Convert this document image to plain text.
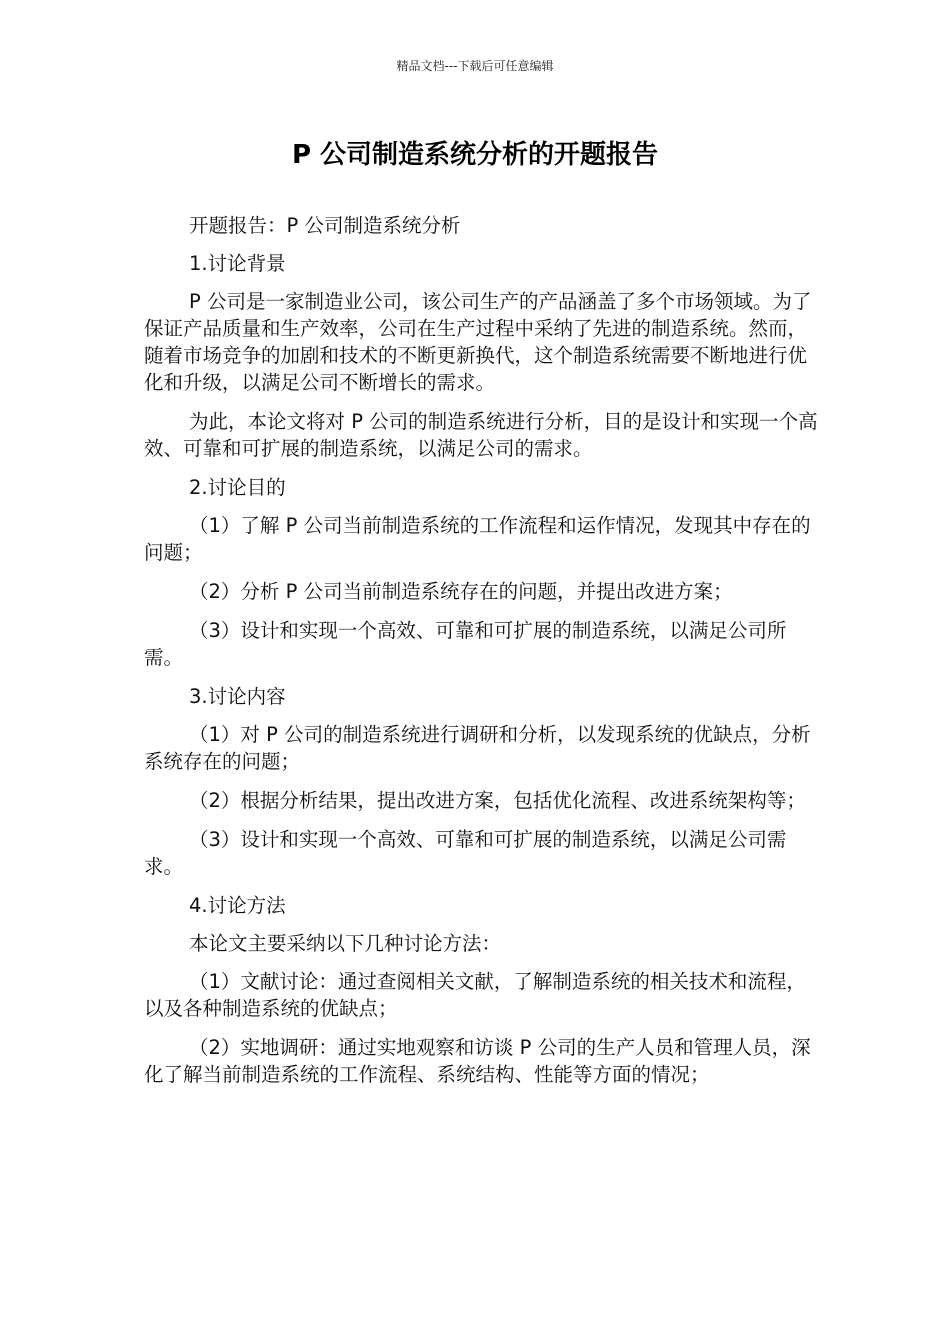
精品文档---下载后可任意编辑
P 公司制造系统分析的开题报告

开题报告：P 公司制造系统分析

1.讨论背景

P 公司是一家制造业公司，该公司生产的产品涵盖了多个市场领域。为了保证产品质量和生产效率，公司在生产过程中采纳了先进的制造系统。然而，随着市场竞争的加剧和技术的不断更新换代，这个制造系统需要不断地进行优化和升级，以满足公司不断增长的需求。

为此，本论文将对 P 公司的制造系统进行分析，目的是设计和实现一个高效、可靠和可扩展的制造系统，以满足公司的需求。

2.讨论目的

（1）了解 P 公司当前制造系统的工作流程和运作情况，发现其中存在的问题；

（2）分析 P 公司当前制造系统存在的问题，并提出改进方案；

（3）设计和实现一个高效、可靠和可扩展的制造系统，以满足公司所需。

3.讨论内容

（1）对 P 公司的制造系统进行调研和分析，以发现系统的优缺点，分析系统存在的问题；

（2）根据分析结果，提出改进方案，包括优化流程、改进系统架构等；

（3）设计和实现一个高效、可靠和可扩展的制造系统，以满足公司需求。

4.讨论方法

本论文主要采纳以下几种讨论方法：

（1）文献讨论：通过查阅相关文献，了解制造系统的相关技术和流程，以及各种制造系统的优缺点；

（2）实地调研：通过实地观察和访谈 P 公司的生产人员和管理人员，深化了解当前制造系统的工作流程、系统结构、性能等方面的情况；
